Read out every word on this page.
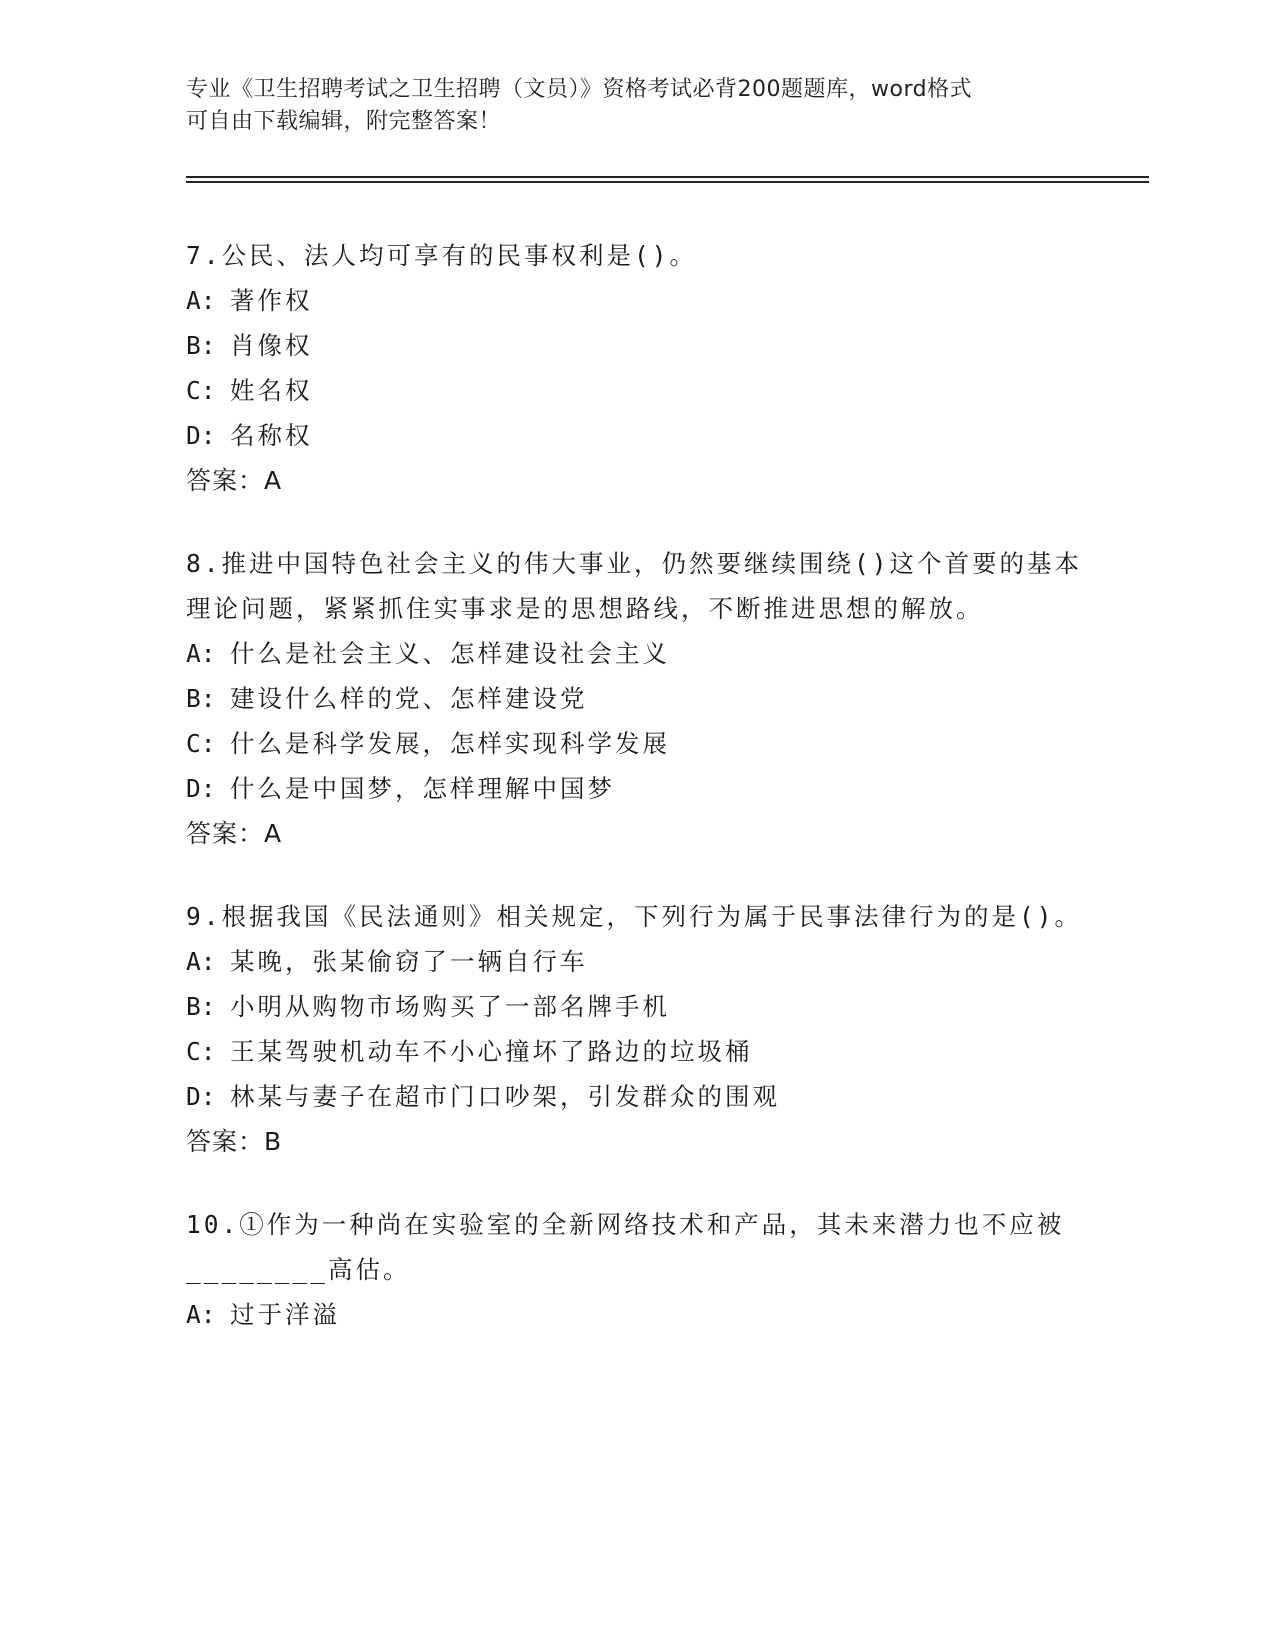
专业《卫生招聘考试之卫生招聘（文员）》资格考试必背200题题库，word格式

可自由下载编辑，附完整答案！

7.公民、法人均可享有的民事权利是()。

A: 著作权

B: 肖像权

C: 姓名权

D: 名称权

答案：A

8.推进中国特色社会主义的伟大事业，仍然要继续围绕()这个首要的基本理论问题，紧紧抓住实事求是的思想路线，不断推进思想的解放。

A: 什么是社会主义、怎样建设社会主义

B: 建设什么样的党、怎样建设党

C: 什么是科学发展，怎样实现科学发展

D: 什么是中国梦，怎样理解中国梦

答案：A

9.根据我国《民法通则》相关规定，下列行为属于民事法律行为的是()。

A: 某晚，张某偷窃了一辆自行车

B: 小明从购物市场购买了一部名牌手机

C: 王某驾驶机动车不小心撞坏了路边的垃圾桶

D: 林某与妻子在超市门口吵架，引发群众的围观

答案：B

10.①作为一种尚在实验室的全新网络技术和产品，其未来潜力也不应被________高估。

A: 过于洋溢
